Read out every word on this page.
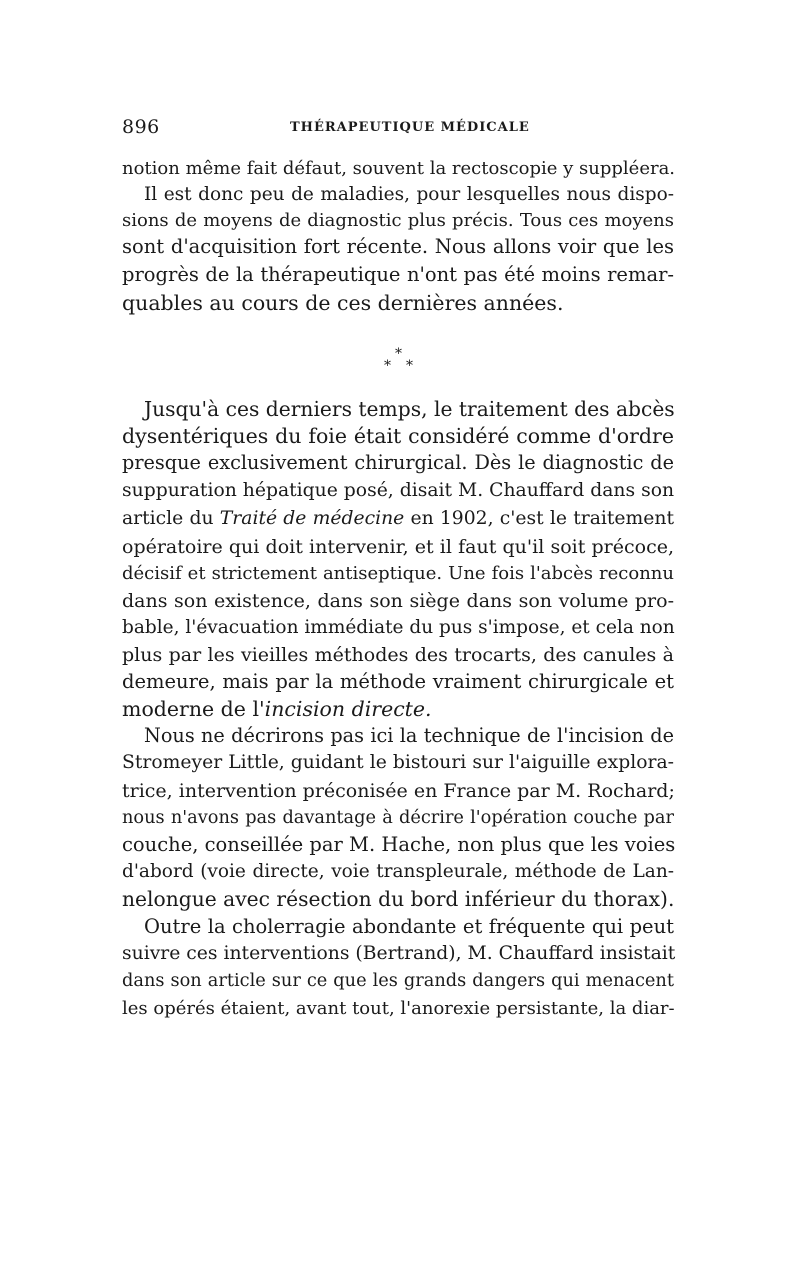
896	THÉRAPEUTIQUE MÉDICALE
notion même fait défaut, souvent la rectoscopie y suppléera.
Il est donc peu de maladies, pour lesquelles nous dispo-
sions de moyens de diagnostic plus précis. Tous ces moyens
sont d'acquisition fort récente. Nous allons voir que les
progrès de la thérapeutique n'ont pas été moins remar-
quables au cours de ces dernières années.
*
* *
Jusqu'à ces derniers temps, le traitement des abcès
dysentériques du foie était considéré comme d'ordre
presque exclusivement chirurgical. Dès le diagnostic de
suppuration hépatique posé, disait M. Chauffard dans son
article du Traité de médecine en 1902, c'est le traitement
opératoire qui doit intervenir, et il faut qu'il soit précoce,
décisif et strictement antiseptique. Une fois l'abcès reconnu
dans son existence, dans son siège dans son volume pro-
bable, l'évacuation immédiate du pus s'impose, et cela non
plus par les vieilles méthodes des trocarts, des canules à
demeure, mais par la méthode vraiment chirurgicale et
moderne de l'incision directe.
Nous ne décrirons pas ici la technique de l'incision de
Stromeyer Little, guidant le bistouri sur l'aiguille explora-
trice, intervention préconisée en France par M. Rochard;
nous n'avons pas davantage à décrire l'opération couche par
couche, conseillée par M. Hache, non plus que les voies
d'abord (voie directe, voie transpleurale, méthode de Lan-
nelongue avec résection du bord inférieur du thorax).
Outre la cholerragie abondante et fréquente qui peut
suivre ces interventions (Bertrand), M. Chauffard insistait
dans son article sur ce que les grands dangers qui menacent
les opérés étaient, avant tout, l'anorexie persistante, la diar-
